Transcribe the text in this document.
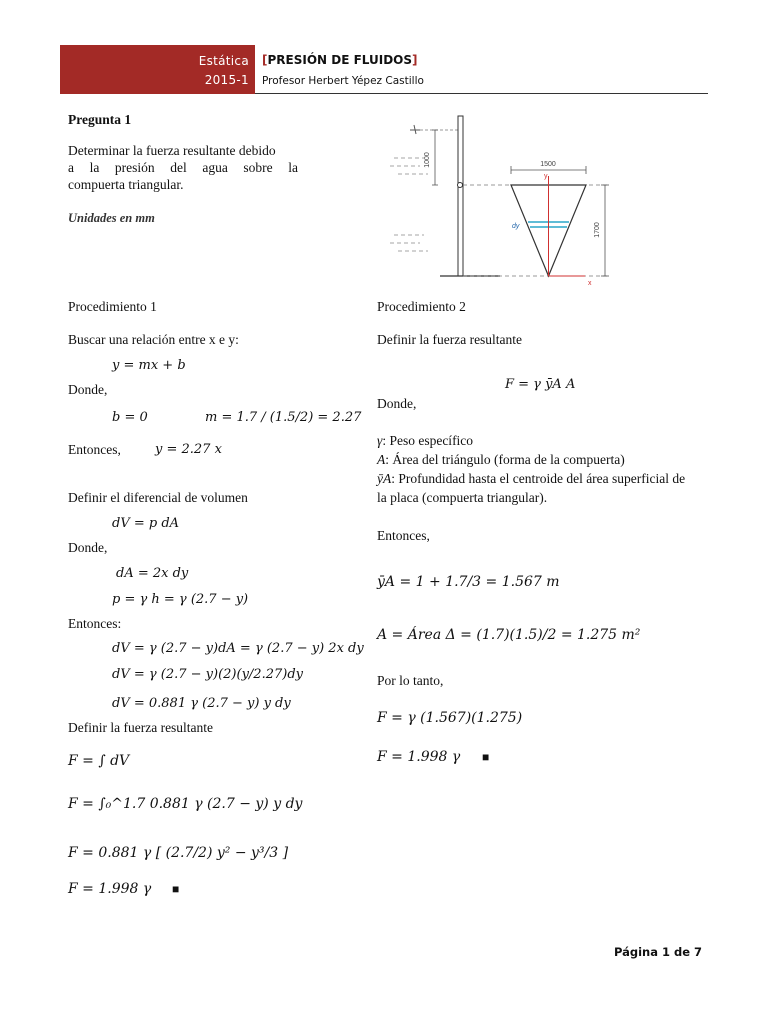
Estática
2015-1
[PRESIÓN DE FLUIDOS]
Profesor Herbert Yépez Castillo
Pregunta 1
Determinar la fuerza resultante debido
a la presión del agua sobre la
compuerta triangular.
Unidades en mm
1000	1500
dy
y
x
1700
Procedimiento 1
Buscar una relación entre x e y:
y = mx + b
Donde,
b = 0	m = 1.7 / (1.5/2) = 2.27
Entonces,	y = 2.27 x
Definir el diferencial de volumen
dV = p dA
Donde,
dA = 2x dy
p = γ h = γ (2.7 − y)
Entonces:
dV = γ (2.7 − y)dA = γ (2.7 − y) 2x dy
dV = γ (2.7 − y)(2)(y/2.27)dy
dV = 0.881 γ (2.7 − y) y dy
Definir la fuerza resultante
F = ∫ dV
F = ∫₀^1.7 0.881 γ (2.7 − y) y dy
F = 0.881 γ [ (2.7/2) y² − y³/3 ]
F = 1.998 γ ■
Procedimiento 2
Definir la fuerza resultante
F = γ ȳA A
Donde,
γ: Peso específico
A: Área del triángulo (forma de la compuerta)
ȳA: Profundidad hasta el centroide del área superficial de
la placa (compuerta triangular).
Entonces,
ȳA = 1 + 1.7/3 = 1.567 m
A = Área Δ = (1.7)(1.5)/2 = 1.275 m²
Por lo tanto,
F = γ (1.567)(1.275)
F = 1.998 γ ■
Página 1 de 7
